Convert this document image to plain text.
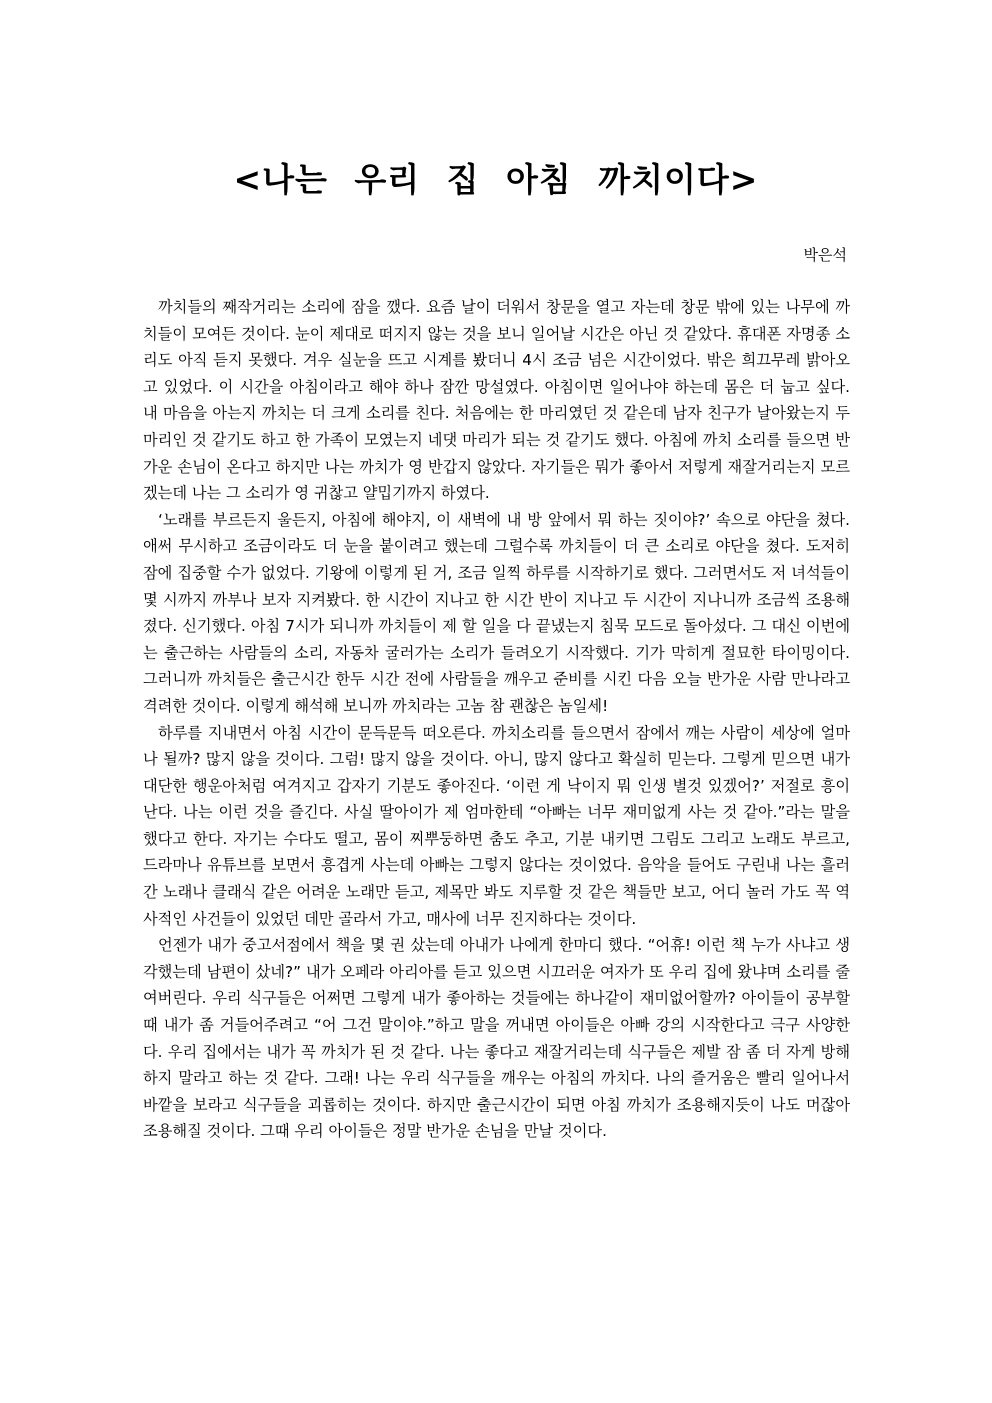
<나는 우리 집 아침 까치이다>

박은석

까치들의 째작거리는 소리에 잠을 깼다. 요즘 날이 더워서 창문을 열고 자는데 창문 밖에 있는 나무에 까치들이 모여든 것이다. 눈이 제대로 떠지지 않는 것을 보니 일어날 시간은 아닌 것 같았다. 휴대폰 자명종 소리도 아직 듣지 못했다. 겨우 실눈을 뜨고 시계를 봤더니 4시 조금 넘은 시간이었다. 밖은 희끄무레 밝아오고 있었다. 이 시간을 아침이라고 해야 하나 잠깐 망설였다. 아침이면 일어나야 하는데 몸은 더 눕고 싶다. 내 마음을 아는지 까치는 더 크게 소리를 친다. 처음에는 한 마리였던 것 같은데 남자 친구가 날아왔는지 두 마리인 것 같기도 하고 한 가족이 모였는지 네댓 마리가 되는 것 같기도 했다. 아침에 까치 소리를 들으면 반가운 손님이 온다고 하지만 나는 까치가 영 반갑지 않았다. 자기들은 뭐가 좋아서 저렇게 재잘거리는지 모르겠는데 나는 그 소리가 영 귀찮고 얄밉기까지 하였다.

‘노래를 부르든지 울든지, 아침에 해야지, 이 새벽에 내 방 앞에서 뭐 하는 짓이야?’ 속으로 야단을 쳤다. 애써 무시하고 조금이라도 더 눈을 붙이려고 했는데 그럴수록 까치들이 더 큰 소리로 야단을 쳤다. 도저히 잠에 집중할 수가 없었다. 기왕에 이렇게 된 거, 조금 일찍 하루를 시작하기로 했다. 그러면서도 저 녀석들이 몇 시까지 까부나 보자 지켜봤다. 한 시간이 지나고 한 시간 반이 지나고 두 시간이 지나니까 조금씩 조용해졌다. 신기했다. 아침 7시가 되니까 까치들이 제 할 일을 다 끝냈는지 침묵 모드로 돌아섰다. 그 대신 이번에는 출근하는 사람들의 소리, 자동차 굴러가는 소리가 들려오기 시작했다. 기가 막히게 절묘한 타이밍이다. 그러니까 까치들은 출근시간 한두 시간 전에 사람들을 깨우고 준비를 시킨 다음 오늘 반가운 사람 만나라고 격려한 것이다. 이렇게 해석해 보니까 까치라는 고놈 참 괜찮은 놈일세!

하루를 지내면서 아침 시간이 문득문득 떠오른다. 까치소리를 들으면서 잠에서 깨는 사람이 세상에 얼마나 될까? 많지 않을 것이다. 그럼! 많지 않을 것이다. 아니, 많지 않다고 확실히 믿는다. 그렇게 믿으면 내가 대단한 행운아처럼 여겨지고 갑자기 기분도 좋아진다. ‘이런 게 낙이지 뭐 인생 별것 있겠어?’ 저절로 흥이 난다. 나는 이런 것을 즐긴다. 사실 딸아이가 제 엄마한테 “아빠는 너무 재미없게 사는 것 같아.”라는 말을 했다고 한다. 자기는 수다도 떨고, 몸이 찌뿌둥하면 춤도 추고, 기분 내키면 그림도 그리고 노래도 부르고, 드라마나 유튜브를 보면서 흥겹게 사는데 아빠는 그렇지 않다는 것이었다. 음악을 들어도 구린내 나는 흘러간 노래나 클래식 같은 어려운 노래만 듣고, 제목만 봐도 지루할 것 같은 책들만 보고, 어디 놀러 가도 꼭 역사적인 사건들이 있었던 데만 골라서 가고, 매사에 너무 진지하다는 것이다.

언젠가 내가 중고서점에서 책을 몇 권 샀는데 아내가 나에게 한마디 했다. “어휴! 이런 책 누가 사냐고 생각했는데 남편이 샀네?” 내가 오페라 아리아를 듣고 있으면 시끄러운 여자가 또 우리 집에 왔냐며 소리를 줄여버린다. 우리 식구들은 어쩌면 그렇게 내가 좋아하는 것들에는 하나같이 재미없어할까? 아이들이 공부할 때 내가 좀 거들어주려고 “어 그건 말이야.”하고 말을 꺼내면 아이들은 아빠 강의 시작한다고 극구 사양한다. 우리 집에서는 내가 꼭 까치가 된 것 같다. 나는 좋다고 재잘거리는데 식구들은 제발 잠 좀 더 자게 방해하지 말라고 하는 것 같다. 그래! 나는 우리 식구들을 깨우는 아침의 까치다. 나의 즐거움은 빨리 일어나서 바깥을 보라고 식구들을 괴롭히는 것이다. 하지만 출근시간이 되면 아침 까치가 조용해지듯이 나도 머잖아 조용해질 것이다. 그때 우리 아이들은 정말 반가운 손님을 만날 것이다.
